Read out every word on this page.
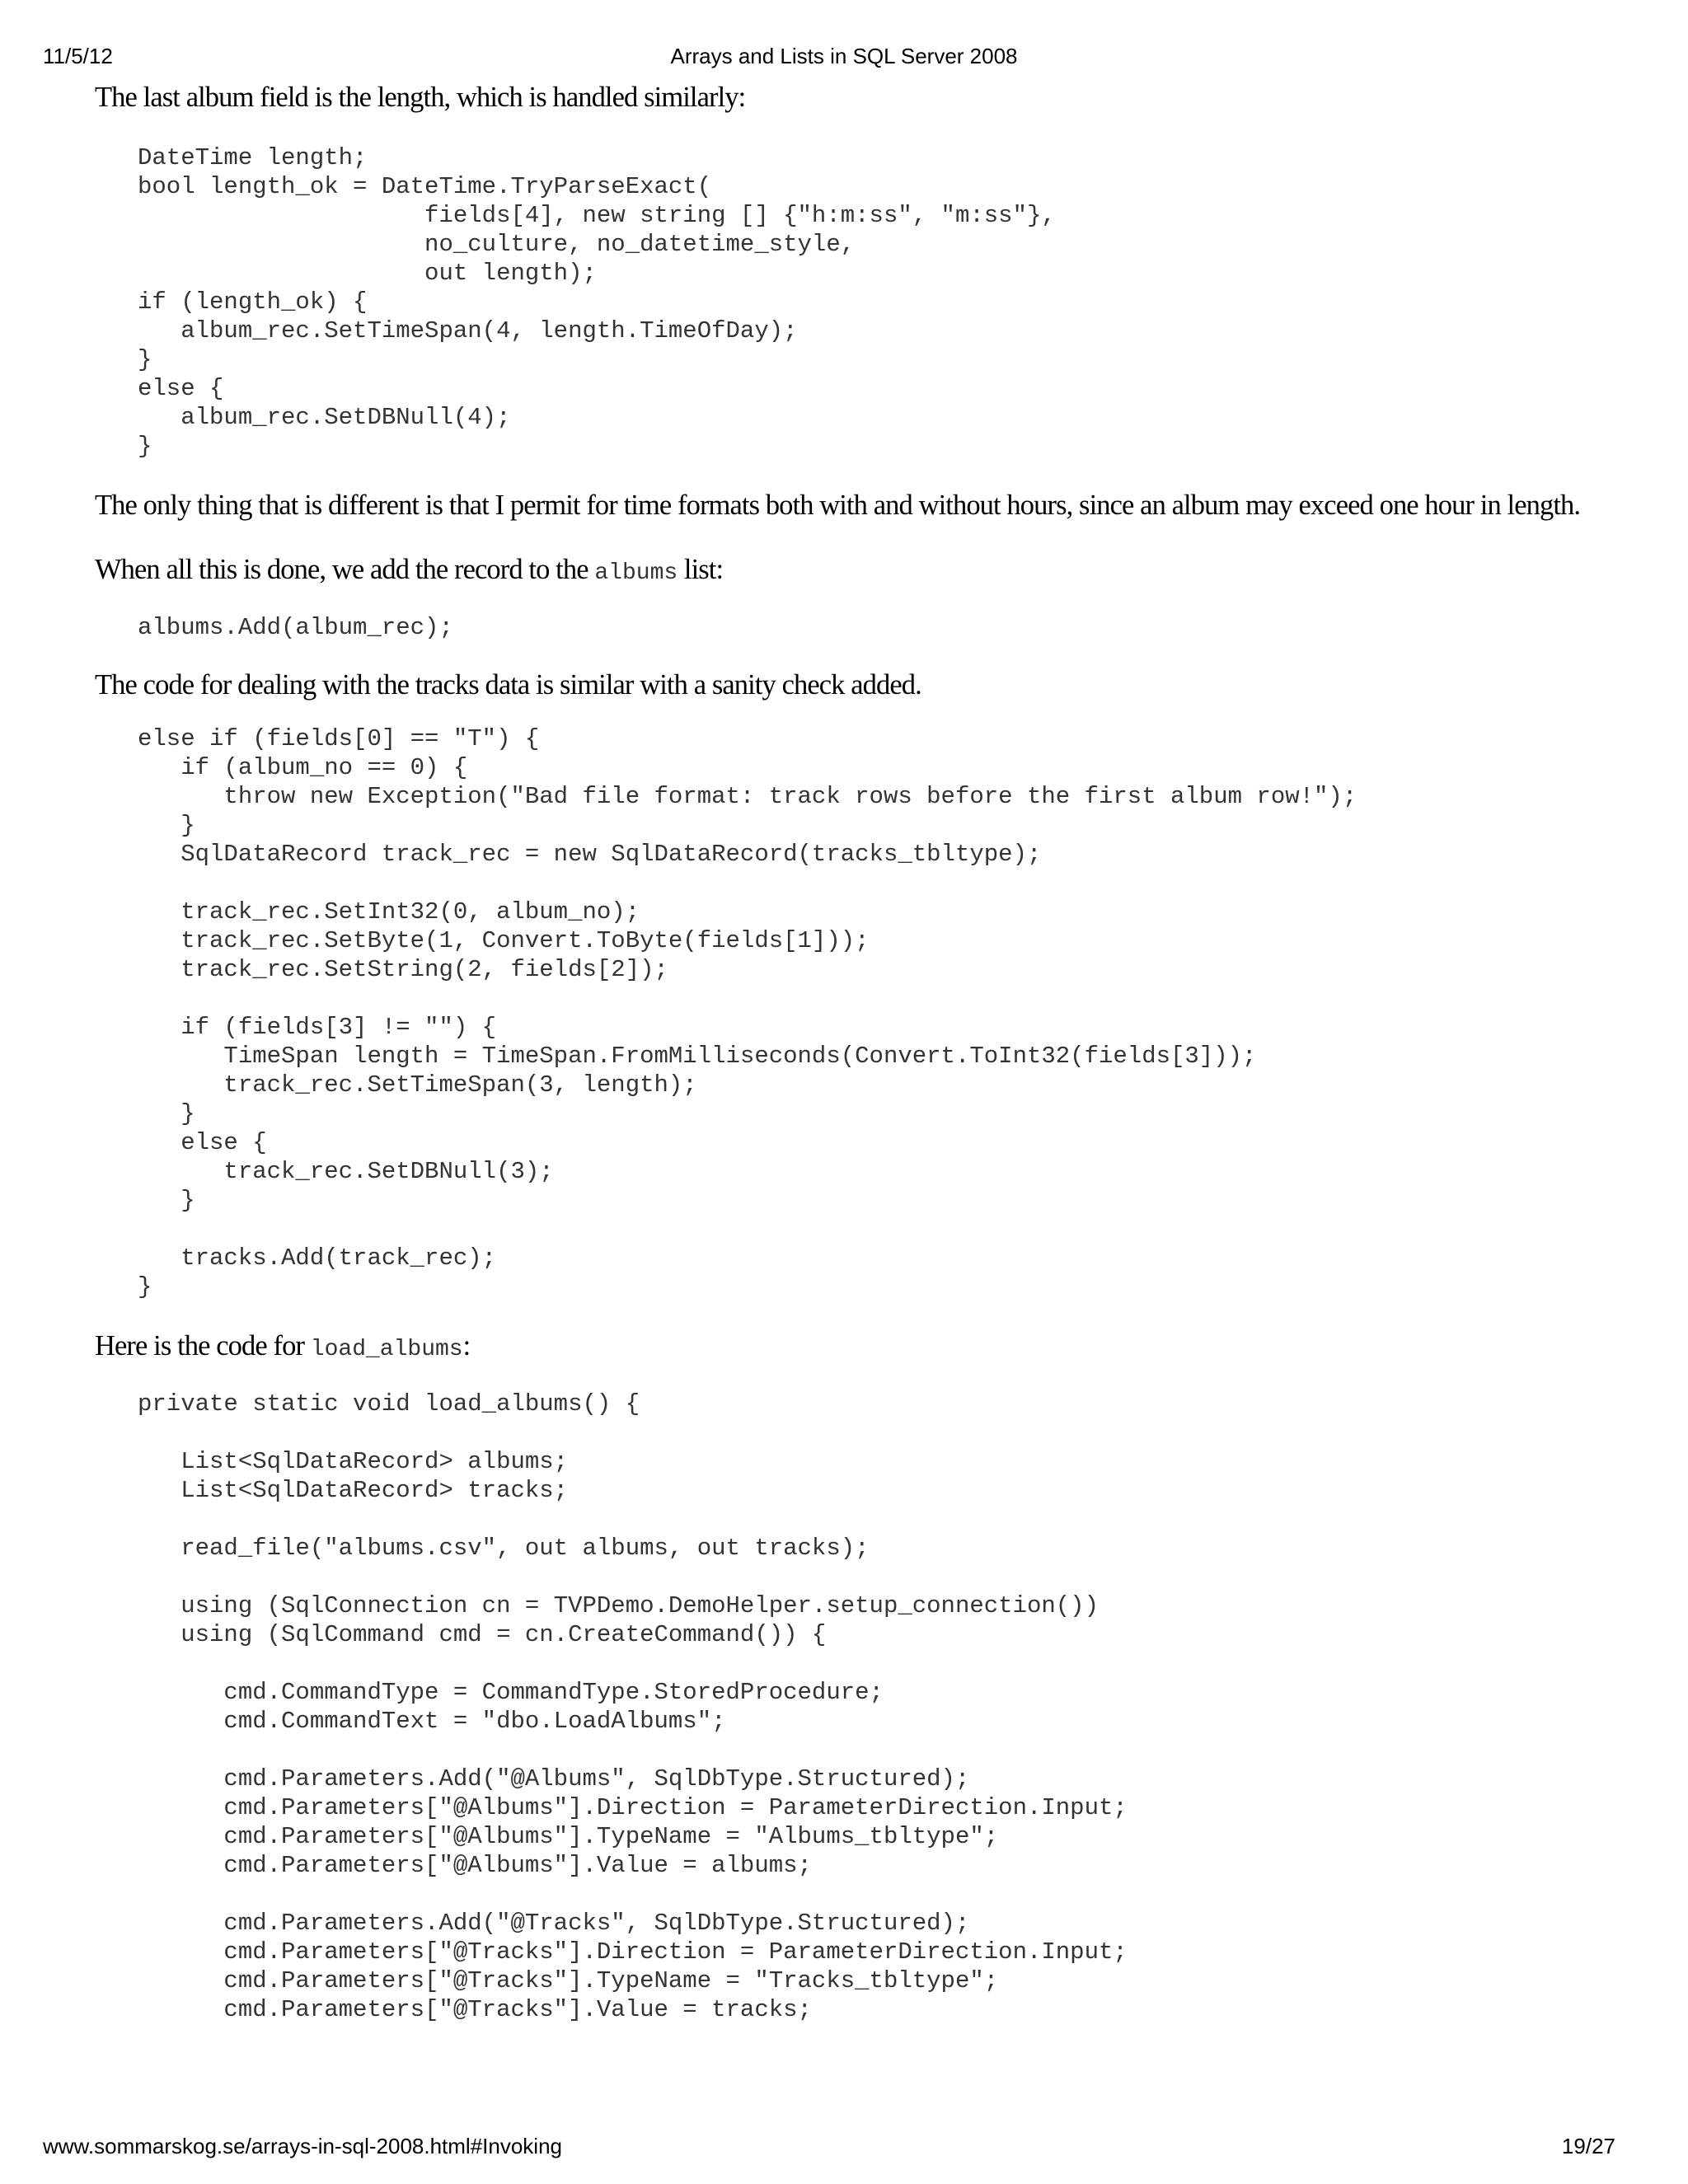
11/5/12	Arrays and Lists in SQL Server 2008

The last album field is the length, which is handled similarly:

DateTime length;
bool length_ok = DateTime.TryParseExact(
fields[4], new string [] {"h:m:ss", "m:ss"},
no_culture, no_datetime_style,
out length);
if (length_ok) {
album_rec.SetTimeSpan(4, length.TimeOfDay);
}
else {
album_rec.SetDBNull(4);
}

The only thing that is different is that I permit for time formats both with and without hours, since an album may exceed one hour in length.

When all this is done, we add the record to the albums list:

albums.Add(album_rec);

The code for dealing with the tracks data is similar with a sanity check added.

else if (fields[0] == "T") {
if (album_no == 0) {
throw new Exception("Bad file format: track rows before the first album row!");
}
SqlDataRecord track_rec = new SqlDataRecord(tracks_tbltype);

track_rec.SetInt32(0, album_no);
track_rec.SetByte(1, Convert.ToByte(fields[1]));
track_rec.SetString(2, fields[2]);

if (fields[3] != "") {
TimeSpan length = TimeSpan.FromMilliseconds(Convert.ToInt32(fields[3]));
track_rec.SetTimeSpan(3, length);
}
else {
track_rec.SetDBNull(3);
}

tracks.Add(track_rec);
}

Here is the code for load_albums:

private static void load_albums() {

List<SqlDataRecord> albums;
List<SqlDataRecord> tracks;

read_file("albums.csv", out albums, out tracks);

using (SqlConnection cn = TVPDemo.DemoHelper.setup_connection())
using (SqlCommand cmd = cn.CreateCommand()) {

cmd.CommandType = CommandType.StoredProcedure;
cmd.CommandText = "dbo.LoadAlbums";

cmd.Parameters.Add("@Albums", SqlDbType.Structured);
cmd.Parameters["@Albums"].Direction = ParameterDirection.Input;
cmd.Parameters["@Albums"].TypeName = "Albums_tbltype";
cmd.Parameters["@Albums"].Value = albums;

cmd.Parameters.Add("@Tracks", SqlDbType.Structured);
cmd.Parameters["@Tracks"].Direction = ParameterDirection.Input;
cmd.Parameters["@Tracks"].TypeName = "Tracks_tbltype";
cmd.Parameters["@Tracks"].Value = tracks;
www.sommarskog.se/arrays-in-sql-2008.html#Invoking	19/27
